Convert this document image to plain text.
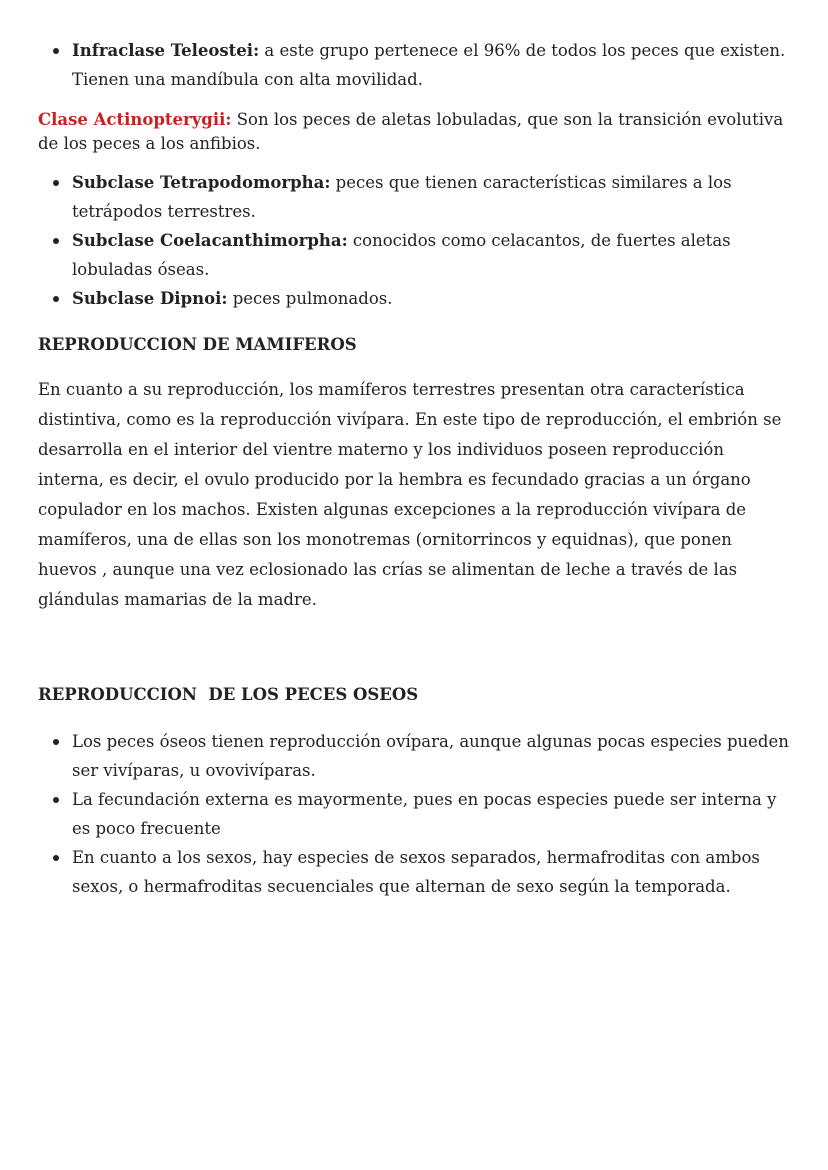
Infraclase Teleostei: a este grupo pertenece el 96% de todos los peces que existen. Tienen una mandíbula con alta movilidad.

Clase Actinopterygii: Son los peces de aletas lobuladas, que son la transición evolutiva de los peces a los anfibios.

Subclase Tetrapodomorpha: peces que tienen características similares a los tetrápodos terrestres.
Subclase Coelacanthimorpha: conocidos como celacantos, de fuertes aletas lobuladas óseas.
Subclase Dipnoi: peces pulmonados.
REPRODUCCION DE MAMIFEROS

En cuanto a su reproducción, los mamíferos terrestres presentan otra característica distintiva, como es la reproducción vivípara. En este tipo de reproducción, el embrión se desarrolla en el interior del vientre materno y los individuos poseen reproducción interna, es decir, el ovulo producido por la hembra es fecundado gracias a un órgano copulador en los machos. Existen algunas excepciones a la reproducción vivípara de mamíferos, una de ellas son los monotremas (ornitorrincos y equidnas), que ponen huevos , aunque una vez eclosionado las crías se alimentan de leche a través de las glándulas mamarias de la madre.

REPRODUCCION  DE LOS PECES OSEOS
Los peces óseos tienen reproducción ovípara, aunque algunas pocas especies pueden ser vivíparas, u ovovivíparas.
La fecundación externa es mayormente, pues en pocas especies puede ser interna y es poco frecuente
En cuanto a los sexos, hay especies de sexos separados, hermafroditas con ambos sexos, o hermafroditas secuenciales que alternan de sexo según la temporada.
